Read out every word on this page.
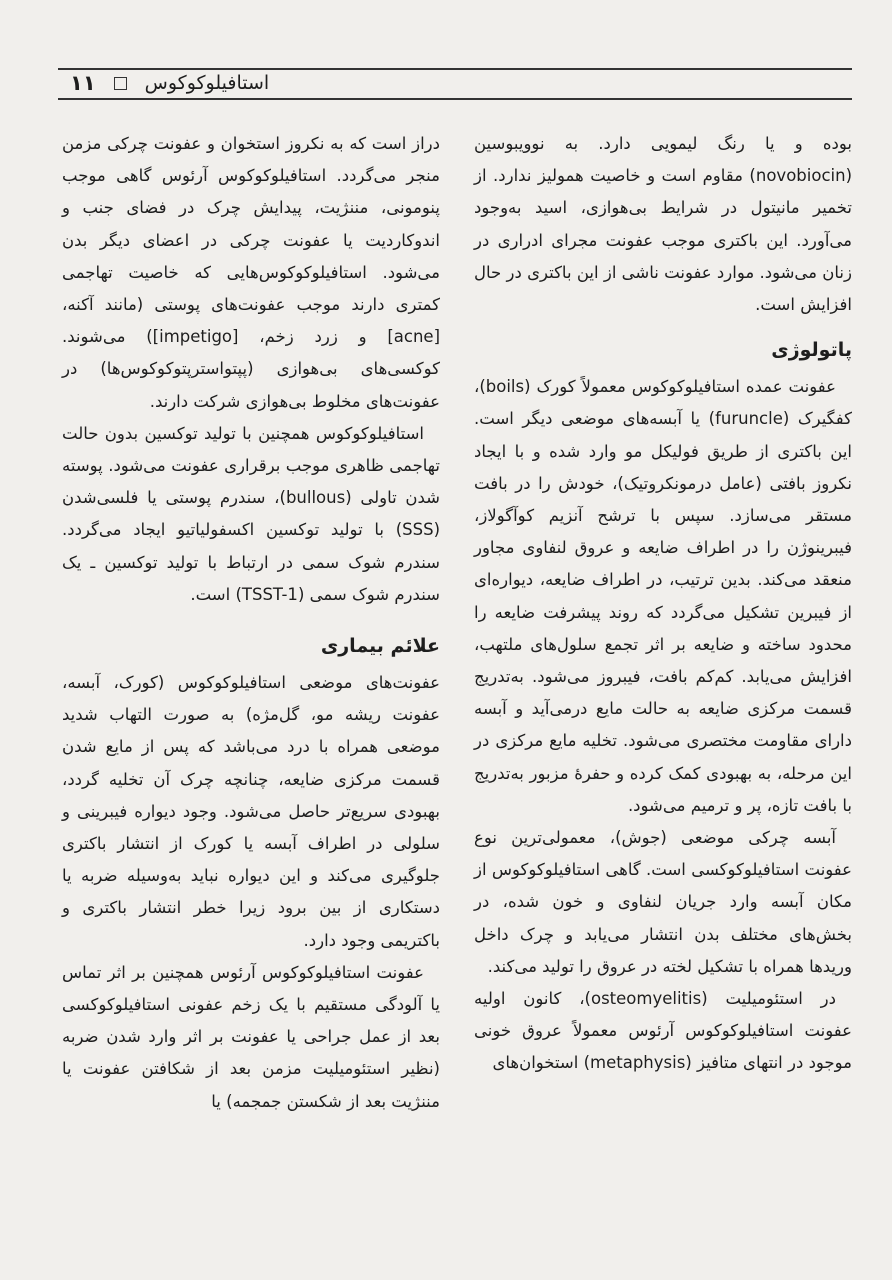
۱۱	استافیلوکوکوس

بوده و یا رنگ لیمویی دارد. به نوویبوسین (novobiocin) مقاوم است و خاصیت همولیز ندارد. از تخمیر مانیتول در شرایط بی‌هوازی، اسید به‌وجود می‌آورد. این باکتری موجب عفونت مجرای ادراری در زنان می‌شود. موارد عفونت ناشی از این باکتری در حال افزایش است.

پاتولوژی

عفونت عمده استافیلوکوکوس معمولاً کورک (boils)، کفگیرک (furuncle) یا آبسه‌های موضعی دیگر است. این باکتری از طریق فولیکل مو وارد شده و با ایجاد نکروز بافتی (عامل درمونکروتیک)، خودش را در بافت مستقر می‌سازد. سپس با ترشح آنزیم کوآگولاز، فیبرینوژن را در اطراف ضایعه و عروق لنفاوی مجاور منعقد می‌کند. بدین ترتیب، در اطراف ضایعه، دیواره‌ای از فیبرین تشکیل می‌گردد که روند پیشرفت ضایعه را محدود ساخته و ضایعه بر اثر تجمع سلول‌های ملتهب، افزایش می‌یابد. کم‌کم بافت، فیبروز می‌شود. به‌تدریج قسمت مرکزی ضایعه به حالت مایع درمی‌آید و آبسه دارای مقاومت مختصری می‌شود. تخلیه مایع مرکزی در این مرحله، به بهبودی کمک کرده و حفرهٔ مزبور به‌تدریج با بافت تازه، پر و ترمیم می‌شود.

آبسه چرکی موضعی (جوش)، معمولی‌ترین نوع عفونت استافیلوکوکسی است. گاهی استافیلوکوکوس از مکان آبسه وارد جریان لنفاوی و خون شده، در بخش‌های مختلف بدن انتشار می‌یابد و چرک داخل وریدها همراه با تشکیل لخته در عروق را تولید می‌کند.

در استئومیلیت (osteomyelitis)، کانون اولیه عفونت استافیلوکوکوس آرئوس معمولاً عروق خونی موجود در انتهای متافیز (metaphysis) استخوان‌های

دراز است که به نکروز استخوان و عفونت چرکی مزمن منجر می‌گردد. استافیلوکوکوس آرئوس گاهی موجب پنومونی، مننژیت، پیدایش چرک در فضای جنب و اندوکاردیت یا عفونت چرکی در اعضای دیگر بدن می‌شود. استافیلوکوکوس‌هایی که خاصیت تهاجمی کمتری دارند موجب عفونت‌های پوستی (مانند آکنه، [acne] و زرد زخم، [impetigo]) می‌شوند. کوکسی‌های بی‌هوازی (پپتواسترپتوکوکوس‌ها) در عفونت‌های مخلوط بی‌هوازی شرکت دارند.

استافیلوکوکوس همچنین با تولید توکسین بدون حالت تهاجمی ظاهری موجب برقراری عفونت می‌شود. پوسته شدن تاولی (bullous)، سندرم پوستی یا فلسی‌شدن (SSS) با تولید توکسین اکسفولیاتیو ایجاد می‌گردد. سندرم شوک سمی در ارتباط با تولید توکسین ـ یک سندرم شوک سمی (TSST-1) است.

علائم بیماری

عفونت‌های موضعی استافیلوکوکوس (کورک، آبسه، عفونت ریشه مو، گل‌مژه) به صورت التهاب شدید موضعی همراه با درد می‌باشد که پس از مایع شدن قسمت مرکزی ضایعه، چنانچه چرک آن تخلیه گردد، بهبودی سریع‌تر حاصل می‌شود. وجود دیواره فیبرینی و سلولی در اطراف آبسه یا کورک از انتشار باکتری جلوگیری می‌کند و این دیواره نباید به‌وسیله ضربه یا دستکاری از بین برود زیرا خطر انتشار باکتری و باکتریمی وجود دارد.

عفونت استافیلوکوکوس آرئوس همچنین بر اثر تماس یا آلودگی مستقیم با یک زخم عفونی استافیلوکوکسی بعد از عمل جراحی یا عفونت بر اثر وارد شدن ضربه (نظیر استئومیلیت مزمن بعد از شکافتن عفونت یا مننژیت بعد از شکستن جمجمه) یا
